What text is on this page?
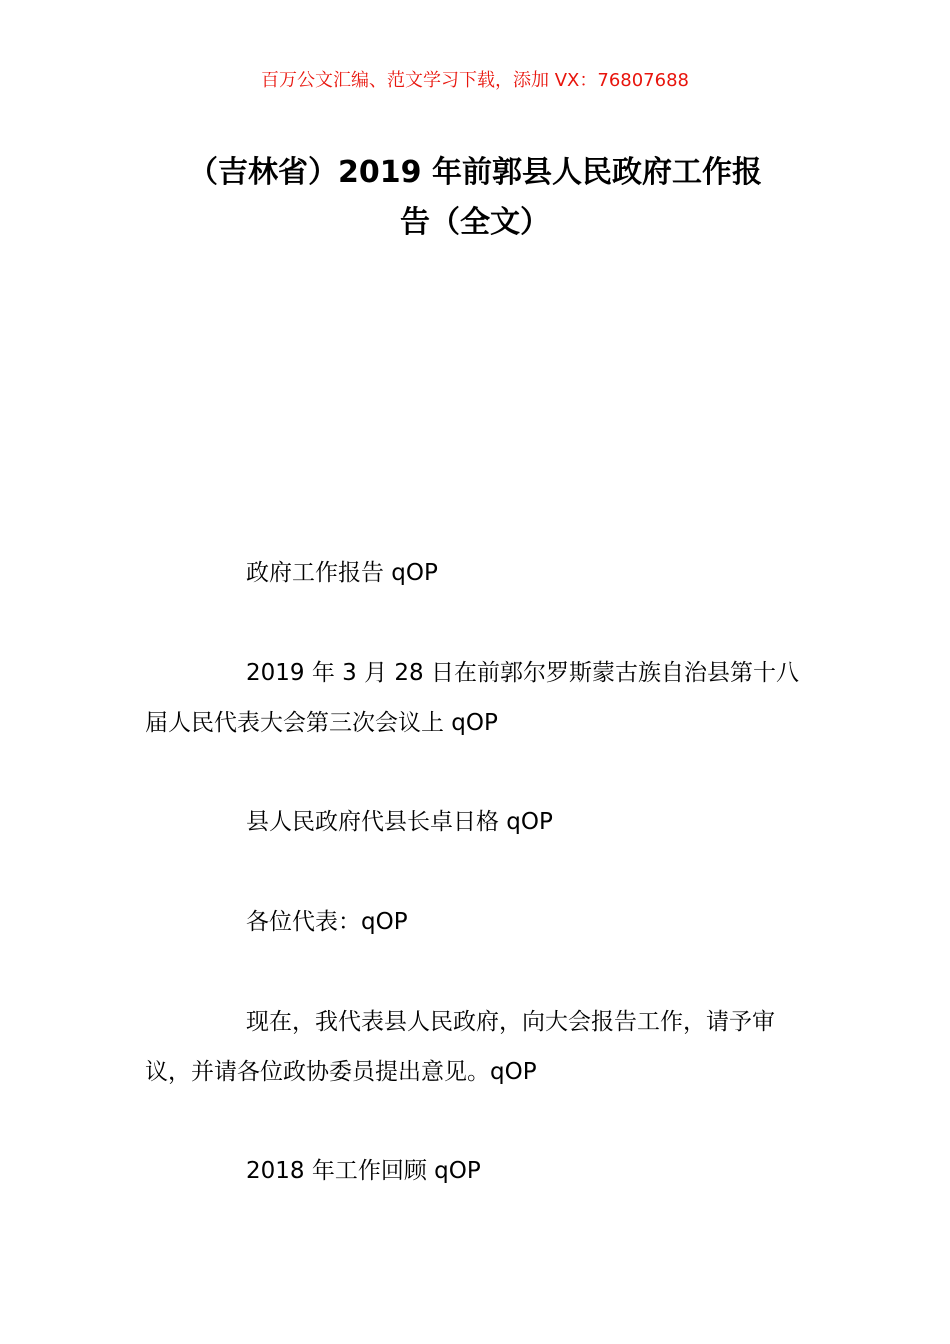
百万公文汇编、范文学习下载，添加 VX：76807688
（吉林省）2019 年前郭县人民政府工作报
告（全文）

政府工作报告 qOP

2019 年 3 月 28 日在前郭尔罗斯蒙古族自治县第十八届人民代表大会第三次会议上 qOP

县人民政府代县长卓日格 qOP

各位代表：qOP

现在，我代表县人民政府，向大会报告工作，请予审议，并请各位政协委员提出意见。qOP

2018 年工作回顾 qOP
